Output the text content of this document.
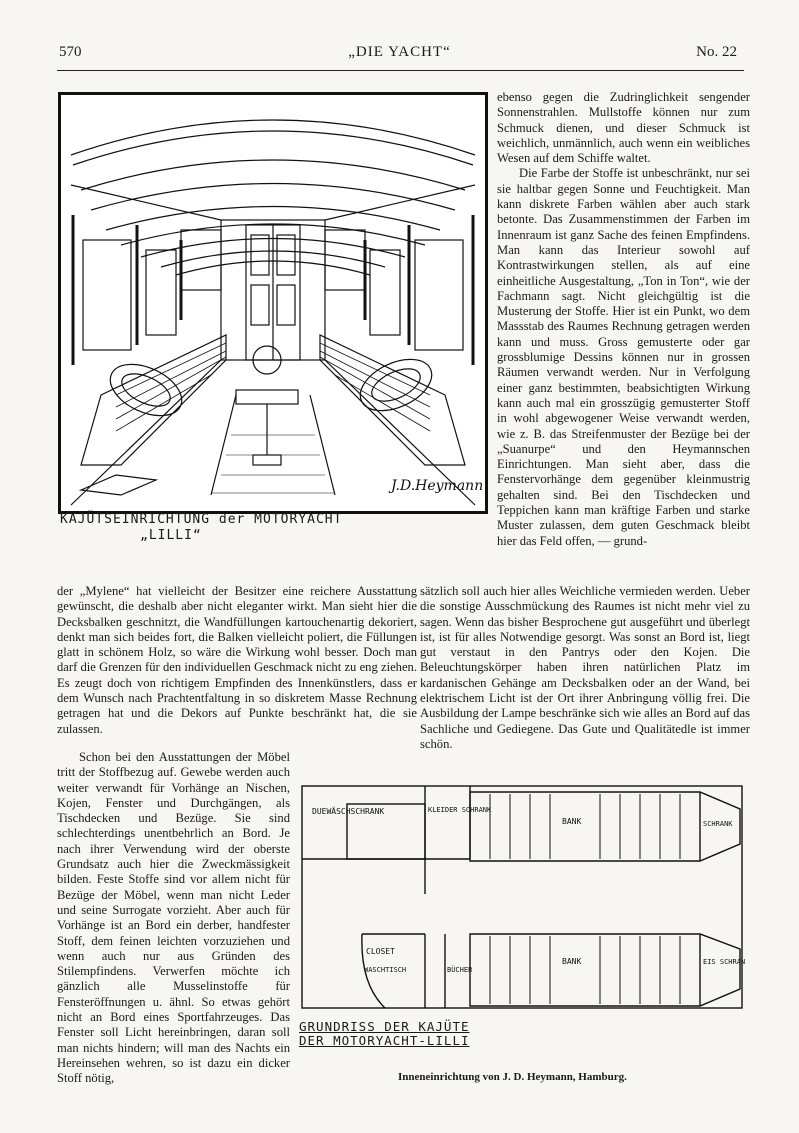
570	„DIE YACHT“	No. 22
J.D.Heymann
KAJÜTSEINRICHTUNG der MOTORYACHT
„LILLI“

ebenso gegen die Zudringlichkeit sengender Sonnenstrahlen. Mullstoffe können nur zum Schmuck dienen, und dieser Schmuck ist weichlich, unmännlich, auch wenn ein weibliches Wesen auf dem Schiffe waltet.

Die Farbe der Stoffe ist unbeschränkt, nur sei sie haltbar gegen Sonne und Feuchtigkeit. Man kann diskrete Farben wählen aber auch stark betonte. Das Zusammenstimmen der Farben im Innenraum ist ganz Sache des feinen Empfindens. Man kann das Interieur sowohl auf Kontrastwirkungen stellen, als auf eine einheitliche Ausgestaltung, „Ton in Ton“, wie der Fachmann sagt. Nicht gleichgültig ist die Musterung der Stoffe. Hier ist ein Punkt, wo dem Massstab des Raumes Rechnung getragen werden kann und muss. Gross gemusterte oder gar grossblumige Dessins können nur in grossen Räumen verwandt werden. Nur in Verfolgung einer ganz bestimmten, beabsichtigten Wirkung kann auch mal ein grosszügig gemusterter Stoff in wohl abgewogener Weise verwandt werden, wie z. B. das Streifenmuster der Bezüge bei der „Suanurpe“ und den Heymannschen Einrichtungen. Man sieht aber, dass die Fenstervorhänge dem gegenüber kleinmustrig gehalten sind. Bei den Tischdecken und Teppichen kann man kräftige Farben und starke Muster zulassen, dem guten Geschmack bleibt hier das Feld offen, — grund-

der „Mylene“ hat vielleicht der Besitzer eine reichere Ausstattung gewünscht, die deshalb aber nicht eleganter wirkt. Man sieht hier die Decksbalken geschnitzt, die Wandfüllungen kartouchenartig dekoriert, denkt man sich beides fort, die Balken vielleicht poliert, die Füllungen glatt in schönem Holz, so wäre die Wirkung wohl besser. Doch man darf die Grenzen für den individuellen Geschmack nicht zu eng ziehen. Es zeugt doch von richtigem Empfinden des Innenkünstlers, dass er dem Wunsch nach Prachtentfaltung in so diskretem Masse Rechnung getragen hat und die Dekors auf Punkte beschränkt hat, die sie zulassen.

sätzlich soll auch hier alles Weichliche vermieden werden. Ueber die sonstige Ausschmückung des Raumes ist nicht mehr viel zu sagen. Wenn das bisher Besprochene gut ausgeführt und überlegt ist, ist für alles Notwendige gesorgt. Was sonst an Bord ist, liegt gut verstaut in den Pantrys oder den Kojen. Die Beleuchtungskörper haben ihren natürlichen Platz im kardanischen Gehänge am Decksbalken oder an der Wand, bei elektrischem Licht ist der Ort ihrer Anbringung völlig frei. Die Ausbildung der Lampe beschränke sich wie alles an Bord auf das Sachliche und Gediegene. Das Gute und Qualitätedle ist immer schön.

Schon bei den Ausstattungen der Möbel tritt der Stoffbezug auf. Gewebe werden auch weiter verwandt für Vorhänge an Nischen, Kojen, Fenster und Durchgängen, als Tischdecken und Bezüge. Sie sind schlechterdings unentbehrlich an Bord. Je nach ihrer Verwendung wird der oberste Grundsatz auch hier die Zweckmässigkeit bilden. Feste Stoffe sind vor allem nicht für Bezüge der Möbel, wenn man nicht Leder und seine Surrogate vorzieht. Aber auch für Vorhänge ist an Bord ein derber, handfester Stoff, dem feinen leichten vorzuziehen und wenn auch nur aus Gründen des Stilempfindens. Verwerfen möchte ich gänzlich alle Musselinstoffe für Fensteröffnungen u. ähnl. So etwas gehört nicht an Bord eines Sportfahrzeuges. Das Fenster soll Licht hereinbringen, daran soll man nichts hindern; will man des Nachts ein Hereinsehen wehren, so ist dazu ein dicker Stoff nötig,

DUEWÄSCHSCHRANK	KLEIDER SCHRANK
BANK	SCHRANK
CLOSET
WASCHTISCH	BÜCHER
BANK	EIS SCHRANK
GRUNDRISS DER KAJÜTE
DER MOTORYACHT-LILLI
Inneneinrichtung von J. D. Heymann, Hamburg.
